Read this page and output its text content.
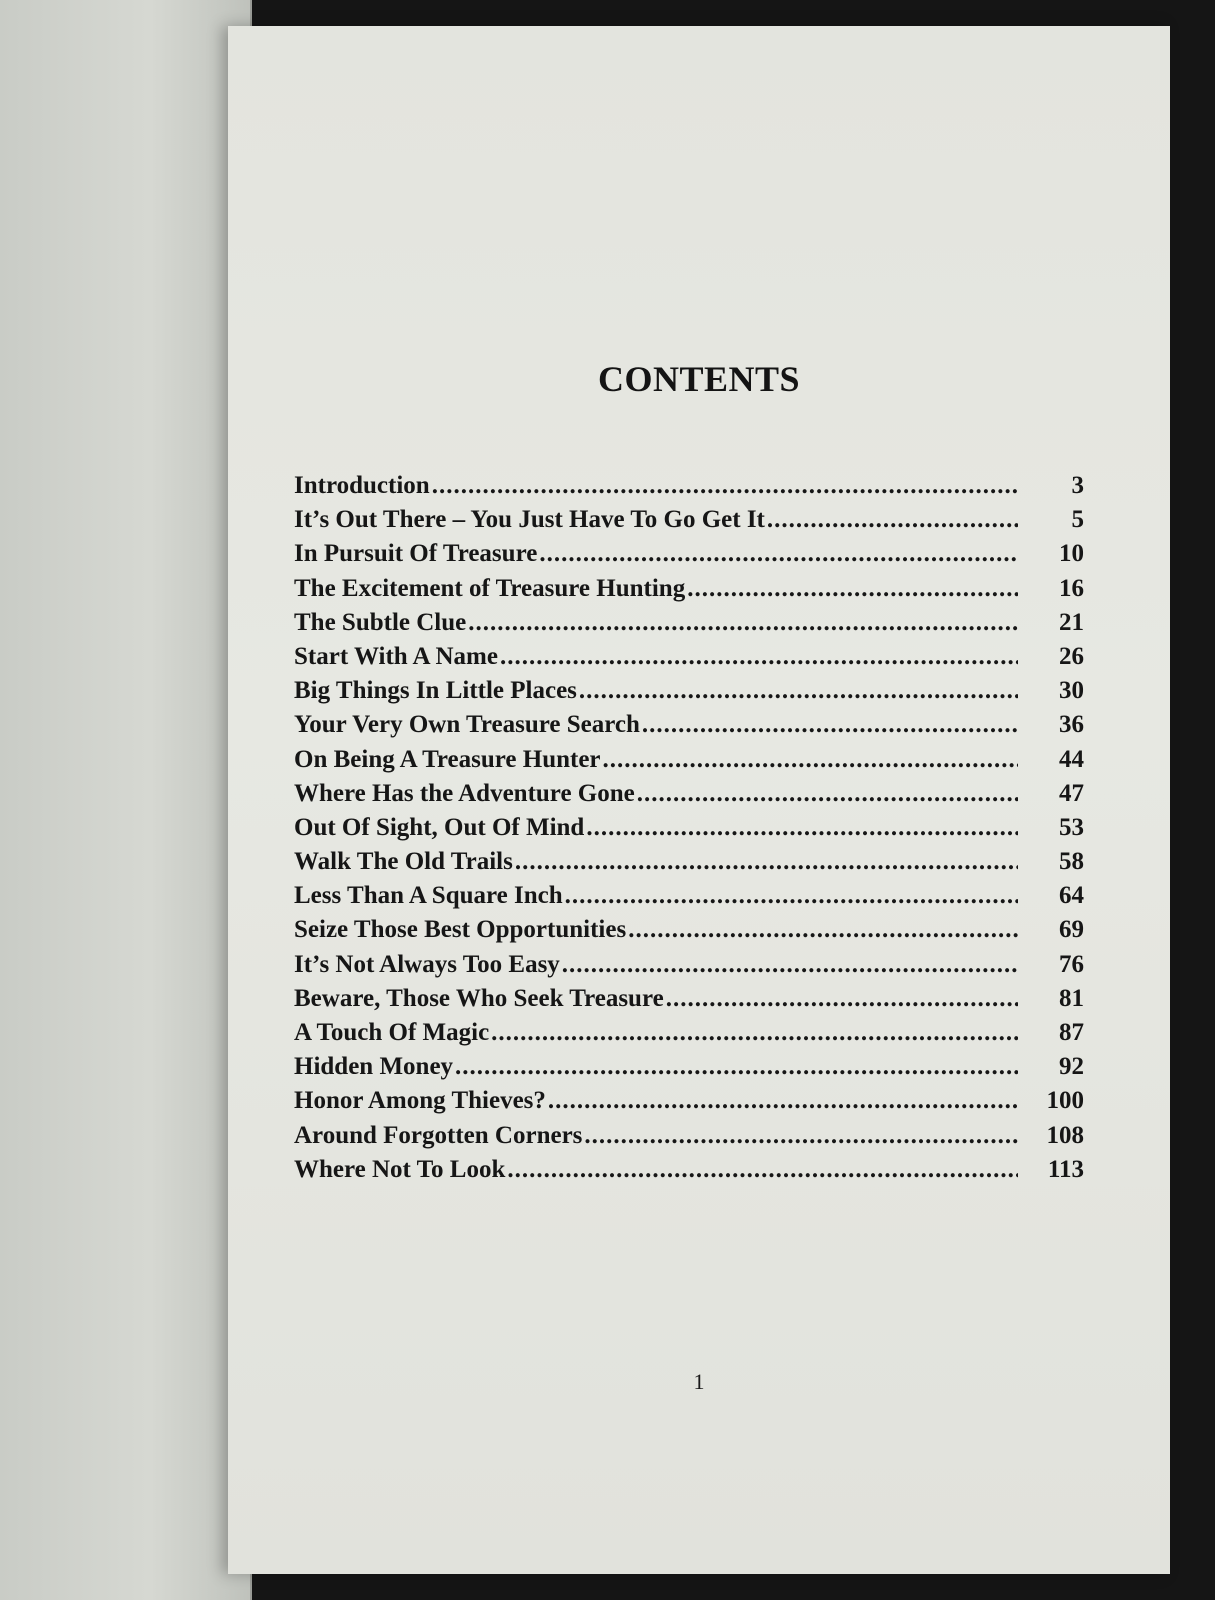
CONTENTS
Introduction .....	3
It’s Out There – You Just Have To Go Get It .....	5
In Pursuit Of Treasure .....	10
The Excitement of Treasure Hunting .....	16
The Subtle Clue .....	21
Start With A Name .....	26
Big Things In Little Places .....	30
Your Very Own Treasure Search .....	36
On Being A Treasure Hunter .....	44
Where Has the Adventure Gone .....	47
Out Of Sight, Out Of Mind .....	53
Walk The Old Trails .....	58
Less Than A Square Inch .....	64
Seize Those Best Opportunities .....	69
It’s Not Always Too Easy .....	76
Beware, Those Who Seek Treasure .....	81
A Touch Of Magic .....	87
Hidden Money .....	92
Honor Among Thieves? .....	100
Around Forgotten Corners .....	108
Where Not To Look .....	113
1
